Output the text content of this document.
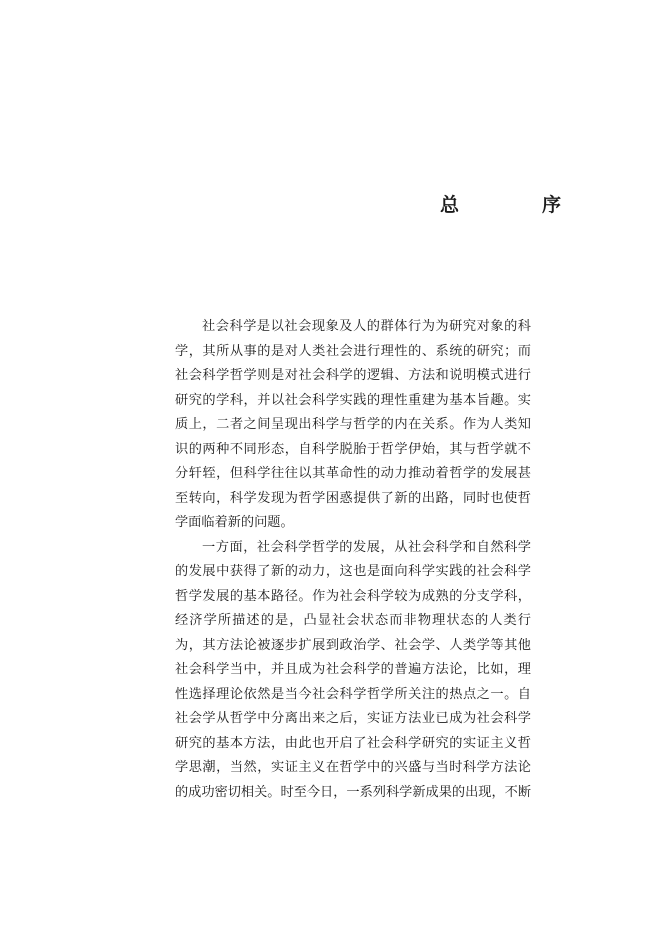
总　序
社会科学是以社会现象及人的群体行为为研究对象的科
学，其所从事的是对人类社会进行理性的、系统的研究；而
社会科学哲学则是对社会科学的逻辑、方法和说明模式进行
研究的学科，并以社会科学实践的理性重建为基本旨趣。实
质上，二者之间呈现出科学与哲学的内在关系。作为人类知
识的两种不同形态，自科学脱胎于哲学伊始，其与哲学就不
分轩轾，但科学往往以其革命性的动力推动着哲学的发展甚
至转向，科学发现为哲学困惑提供了新的出路，同时也使哲
学面临着新的问题。
一方面，社会科学哲学的发展，从社会科学和自然科学
的发展中获得了新的动力，这也是面向科学实践的社会科学
哲学发展的基本路径。作为社会科学较为成熟的分支学科，
经济学所描述的是，凸显社会状态而非物理状态的人类行
为，其方法论被逐步扩展到政治学、社会学、人类学等其他
社会科学当中，并且成为社会科学的普遍方法论，比如，理
性选择理论依然是当今社会科学哲学所关注的热点之一。自
社会学从哲学中分离出来之后，实证方法业已成为社会科学
研究的基本方法，由此也开启了社会科学研究的实证主义哲
学思潮，当然，实证主义在哲学中的兴盛与当时科学方法论
的成功密切相关。时至今日，一系列科学新成果的出现，不断
